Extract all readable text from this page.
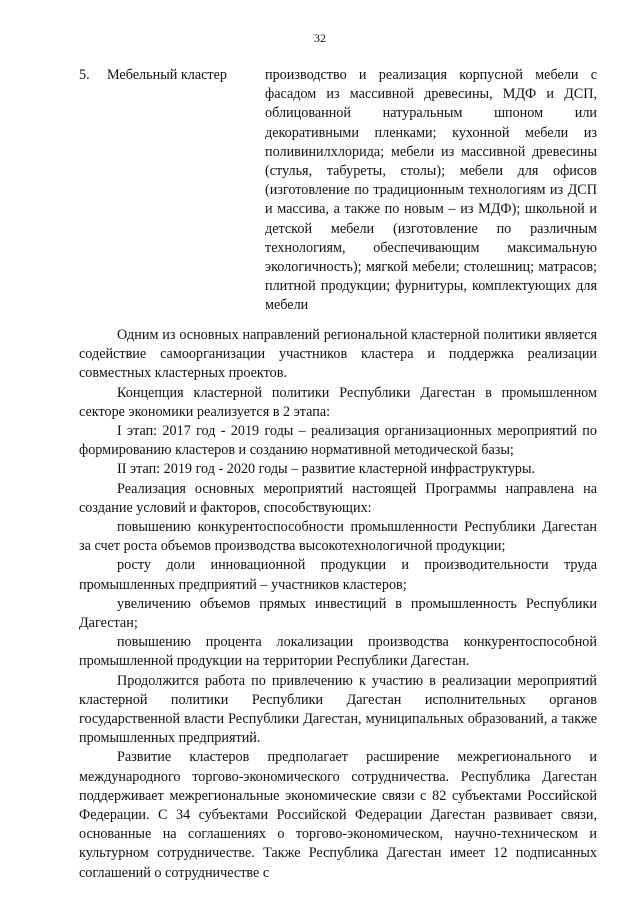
32
5.	Мебельный кластер	производство и реализация корпусной мебели с фасадом из массивной древесины, МДФ и ДСП, облицованной натуральным шпоном или декоративными пленками; кухонной мебели из поливинилхлорида; мебели из массивной древесины (стулья, табуреты, столы); мебели для офисов (изготовление по традиционным технологиям из ДСП и массива, а также по новым – из МДФ); школьной и детской мебели (изготовление по различным технологиям, обеспечивающим максимальную экологичность); мягкой мебели; столешниц; матрасов; плитной продукции; фурнитуры, комплектующих для мебели

Одним из основных направлений региональной кластерной политики является содействие самоорганизации участников кластера и поддержка реализации совместных кластерных проектов.

Концепция кластерной политики Республики Дагестан в промышленном секторе экономики реализуется в 2 этапа:

I этап: 2017 год - 2019 годы – реализация организационных мероприятий по формированию кластеров и созданию нормативной методической базы;

II этап: 2019 год - 2020 годы – развитие кластерной инфраструктуры.

Реализация основных мероприятий настоящей Программы направлена на создание условий и факторов, способствующих:

повышению конкурентоспособности промышленности Республики Дагестан за счет роста объемов производства высокотехнологичной продукции;

росту доли инновационной продукции и производительности труда промышленных предприятий – участников кластеров;

увеличению объемов прямых инвестиций в промышленность Республики Дагестан;

повышению процента локализации производства конкурентоспособной промышленной продукции на территории Республики Дагестан.

Продолжится работа по привлечению к участию в реализации мероприятий кластерной политики Республики Дагестан исполнительных органов государственной власти Республики Дагестан, муниципальных образований, а также промышленных предприятий.

Развитие кластеров предполагает расширение межрегионального и международного торгово-экономического сотрудничества. Республика Дагестан поддерживает межрегиональные экономические связи с 82 субъектами Российской Федерации. С 34 субъектами Российской Федерации Дагестан развивает связи, основанные на соглашениях о торгово-экономическом, научно-техническом и культурном сотрудничестве. Также Республика Дагестан имеет 12 подписанных соглашений о сотрудничестве с
